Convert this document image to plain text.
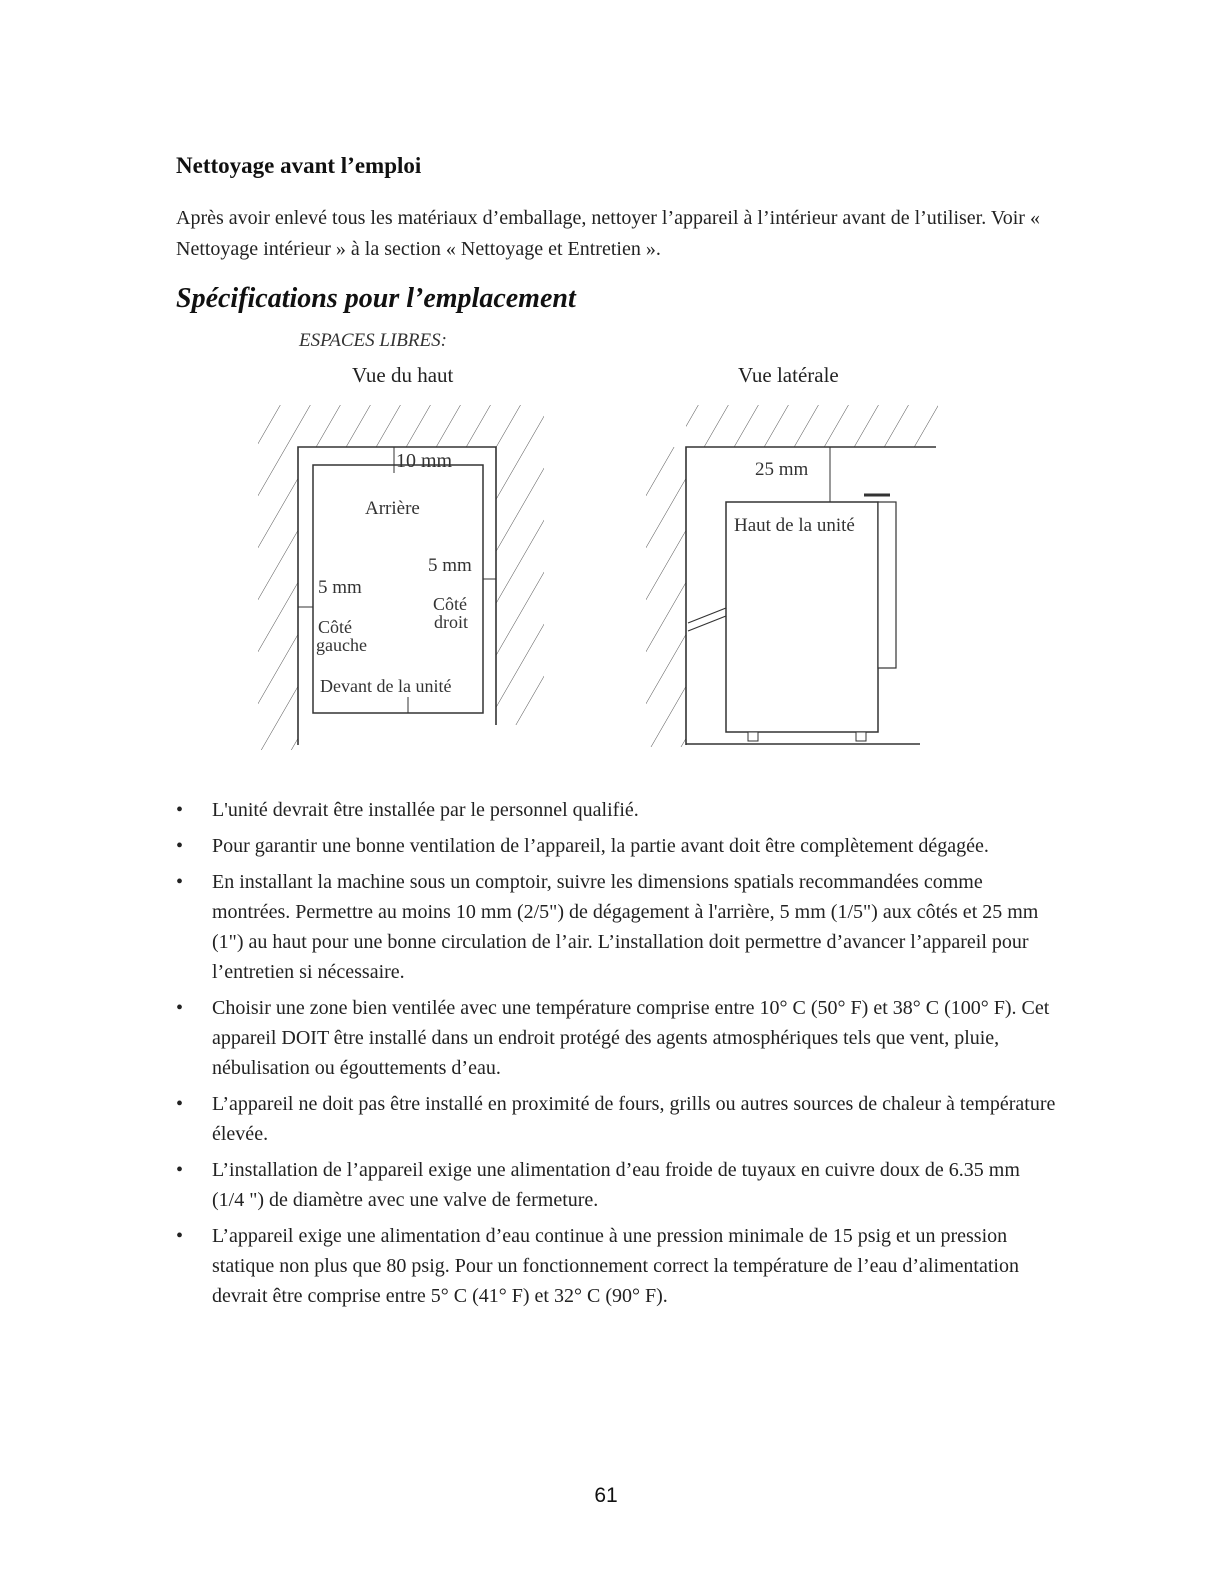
Nettoyage avant l’emploi

Après avoir enlevé tous les matériaux d’emballage, nettoyer l’appareil à l’intérieur avant de l’utiliser. Voir « Nettoyage intérieur » à la section « Nettoyage et Entretien ».

Spécifications pour l’emplacement
ESPACES LIBRES:
Vue du haut	Vue latérale
10 mm
Arrière
5 mm
5 mm
Côté
droit
Côté
gauche
Devant de la unité
25 mm
Haut de la unité
• L'unité devrait être installée par le personnel qualifié.
• Pour garantir une bonne ventilation de l’appareil, la partie avant doit être complètement dégagée.
• En installant la machine sous un comptoir, suivre les dimensions spatials recommandées comme montrées. Permettre au moins 10 mm (2/5") de dégagement à l'arrière, 5 mm (1/5") aux côtés et 25 mm (1") au haut pour une bonne circulation de l’air. L’installation doit permettre d’avancer l’appareil pour l’entretien si nécessaire.
• Choisir une zone bien ventilée avec une température comprise entre 10° C (50° F) et 38° C (100° F). Cet appareil DOIT être installé dans un endroit protégé des agents atmosphériques tels que vent, pluie, nébulisation ou égouttements d’eau.
• L’appareil ne doit pas être installé en proximité de fours, grills ou autres sources de chaleur à température élevée.
• L’installation de l’appareil exige une alimentation d’eau froide de tuyaux en cuivre doux de 6.35 mm (1/4 ") de diamètre avec une valve de fermeture.
• L’appareil exige une alimentation d’eau continue à une pression minimale de 15 psig et un pression statique non plus que 80 psig. Pour un fonctionnement correct la température de l’eau d’alimentation devrait être comprise entre 5° C (41° F) et 32° C (90° F).
61
